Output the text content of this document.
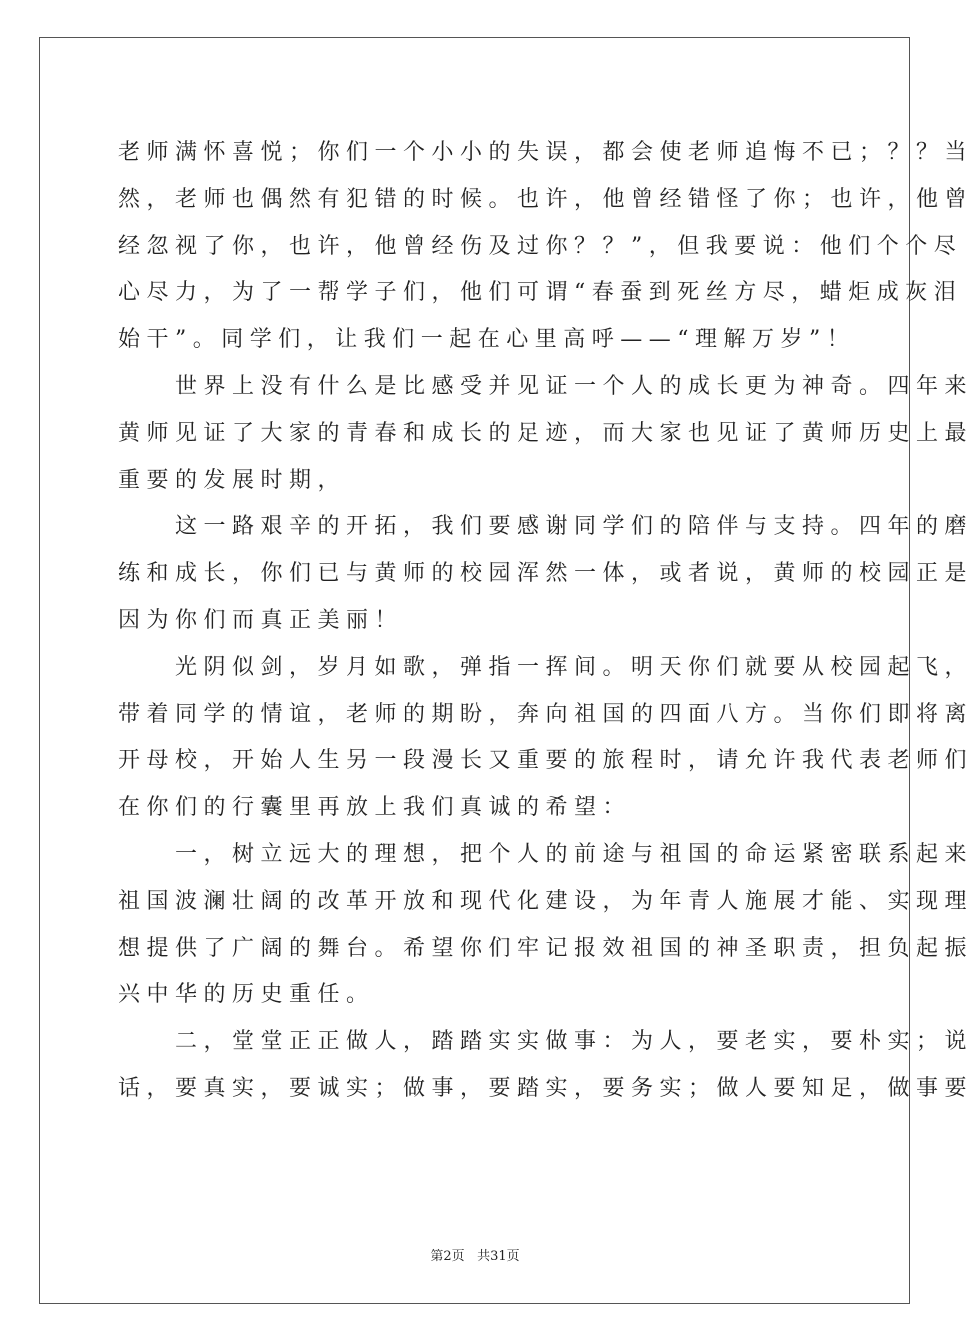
老师满怀喜悦；你们一个小小的失误，都会使老师追悔不已；？？当
然，老师也偶然有犯错的时候。也许，他曾经错怪了你；也许，他曾
经忽视了你，也许，他曾经伤及过你？？”，但我要说：他们个个尽
心尽力，为了一帮学子们，他们可谓“春蚕到死丝方尽，蜡炬成灰泪
始干”。同学们，让我们一起在心里高呼——“理解万岁”！
　　世界上没有什么是比感受并见证一个人的成长更为神奇。四年来
黄师见证了大家的青春和成长的足迹，而大家也见证了黄师历史上最
重要的发展时期，
　　这一路艰辛的开拓，我们要感谢同学们的陪伴与支持。四年的磨
练和成长，你们已与黄师的校园浑然一体，或者说，黄师的校园正是
因为你们而真正美丽！
　　光阴似剑，岁月如歌，弹指一挥间。明天你们就要从校园起飞，
带着同学的情谊，老师的期盼，奔向祖国的四面八方。当你们即将离
开母校，开始人生另一段漫长又重要的旅程时，请允许我代表老师们
在你们的行囊里再放上我们真诚的希望：
　　一，树立远大的理想，把个人的前途与祖国的命运紧密联系起来
祖国波澜壮阔的改革开放和现代化建设，为年青人施展才能、实现理
想提供了广阔的舞台。希望你们牢记报效祖国的神圣职责，担负起振
兴中华的历史重任。
　　二，堂堂正正做人，踏踏实实做事：为人，要老实，要朴实；说
话，要真实，要诚实；做事，要踏实，要务实；做人要知足，做事要
第2页 共31页
